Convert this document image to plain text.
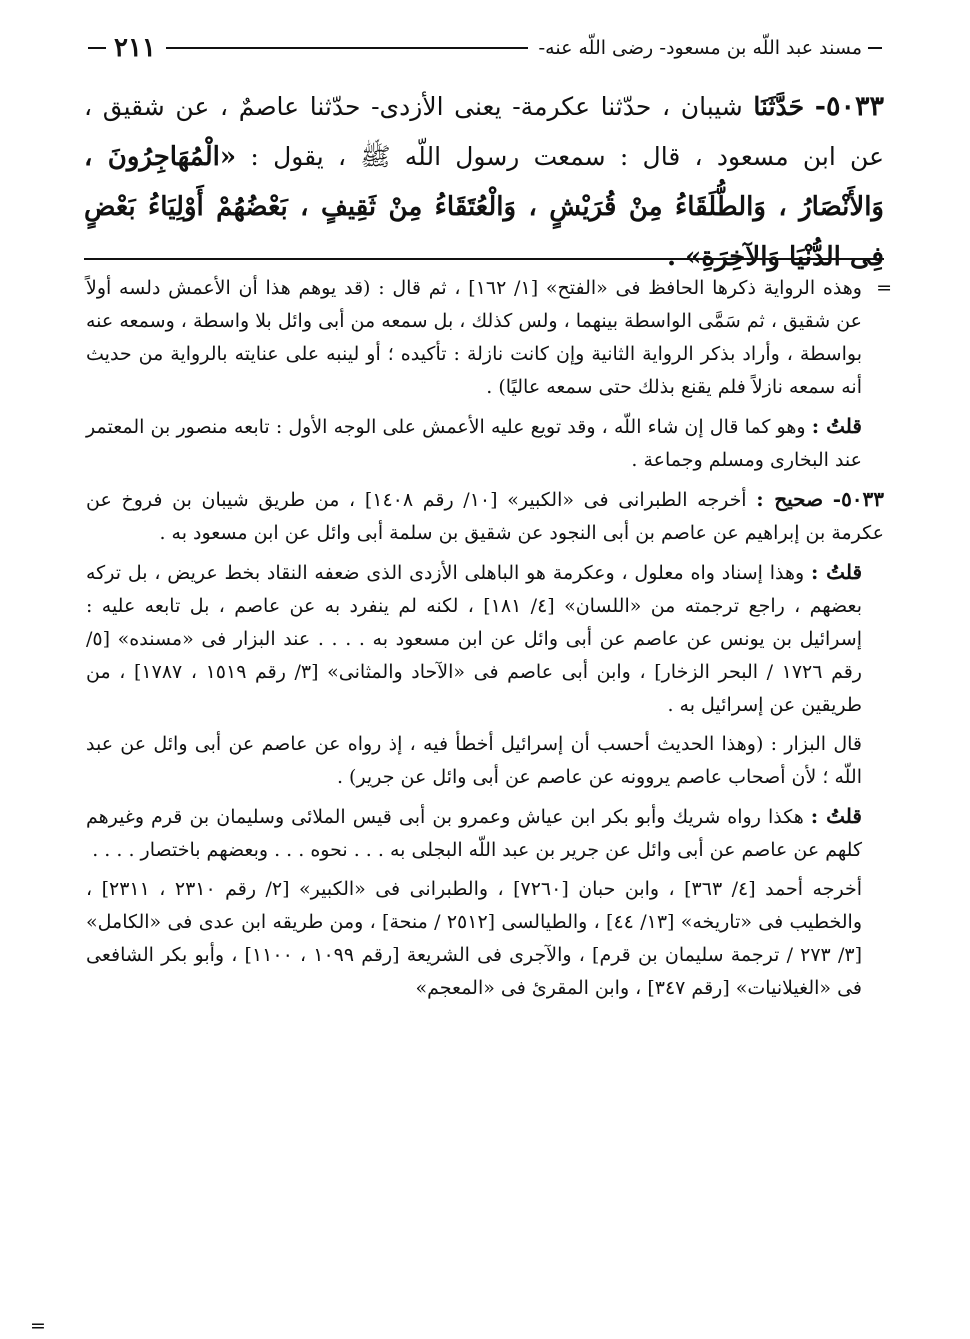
مسند عبد اللّه بن مسعود- رضى اللّه عنه-
٢١١
٥٠٣٣- حَدَّثَنَا شيبان ، حدّثنا عكرمة- يعنى الأزدى- حدّثنا عاصمٌ ، عن شقيق ، عن ابن مسعود ، قال : سمعت رسول اللّه ﷺ ، يقول : «الْمُهَاجِرُونَ ، وَالأَنْصَارُ ، وَالطُّلَقَاءُ مِنْ قُرَيْشٍ ، وَالْعُتَقَاءُ مِنْ ثَقِيفٍ ، بَعْضُهُمْ أَوْلِيَاءُ بَعْضٍ فِى الدُّنْيَا وَالآخِرَةِ» .
=
وهذه الرواية ذكرها الحافظ فى «الفتح» [١/ ١٦٢] ، ثم قال : (قد يوهم هذا أن الأعمش دلسه أولاً عن شقيق ، ثم سَمَّى الواسطة بينهما ، ولس كذلك ، بل سمعه من أبى وائل بلا واسطة ، وسمعه عنه بواسطة ، وأراد بذكر الرواية الثانية وإن كانت نازلة : تأكيده ؛ أو لينبه على عنايته بالرواية من حديث أنه سمعه نازلاً فلم يقنع بذلك حتى سمعه عاليًا) .
قلتُ : وهو كما قال إن شاء اللّه ، وقد تويع عليه الأعمش على الوجه الأول : تابعه منصور بن المعتمر عند البخارى ومسلم وجماعة .
٥٠٣٣- صحيح : أخرجه الطبرانى فى «الكبير» [١٠/ رقم ١٤٠٨] ، من طريق شيبان بن فروخ عن عكرمة بن إبراهيم عن عاصم بن أبى النجود عن شقيق بن سلمة أبى وائل عن ابن مسعود به .
قلتُ : وهذا إسناد واه معلول ، وعكرمة هو الباهلى الأزدى الذى ضعفه النقاد بخط عريض ، بل تركه بعضهم ، راجع ترجمته من «اللسان» [٤/ ١٨١] ، لكنه لم ينفرد به عن عاصم ، بل تابعه عليه : إسرائيل بن يونس عن عاصم عن أبى وائل عن ابن مسعود به . . . . عند البزار فى «مسنده» [٥/ رقم ١٧٢٦ / البحر الزخار] ، وابن أبى عاصم فى «الآحاد والمثانى» [٣/ رقم ١٥١٩ ، ١٧٨٧] ، من طريقين عن إسرائيل به .
قال البزار : (وهذا الحديث أحسب أن إسرائيل أخطأ فيه ، إذ رواه عن عاصم عن أبى وائل عن عبد اللّه ؛ لأن أصحاب عاصم يروونه عن عاصم عن أبى وائل عن جرير) .
قلتُ : هكذا رواه شريك وأبو بكر ابن عياش وعمرو بن أبى قيس الملائى وسليمان بن قرم وغيرهم كلهم عن عاصم عن أبى وائل عن جرير بن عبد اللّه البجلى به . . . نحوه . . . وبعضهم باختصار . . . .
أخرجه أحمد [٤/ ٣٦٣] ، وابن حبان [٧٢٦٠] ، والطبرانى فى «الكبير» [٢/ رقم ٢٣١٠ ، ٢٣١١] ، والخطيب فى «تاريخه» [١٣/ ٤٤] ، والطيالسى [٢٥١٢ / منحة] ، ومن طريقه ابن عدى فى «الكامل» [٣/ ٢٧٣ / ترجمة سليمان بن قرم] ، والآجرى فى الشريعة [رقم ١٠٩٩ ، ١١٠٠] ، وأبو بكر الشافعى فى «الغيلانيات» [رقم ٣٤٧] ، وابن المقرئ فى «المعجم»
=
